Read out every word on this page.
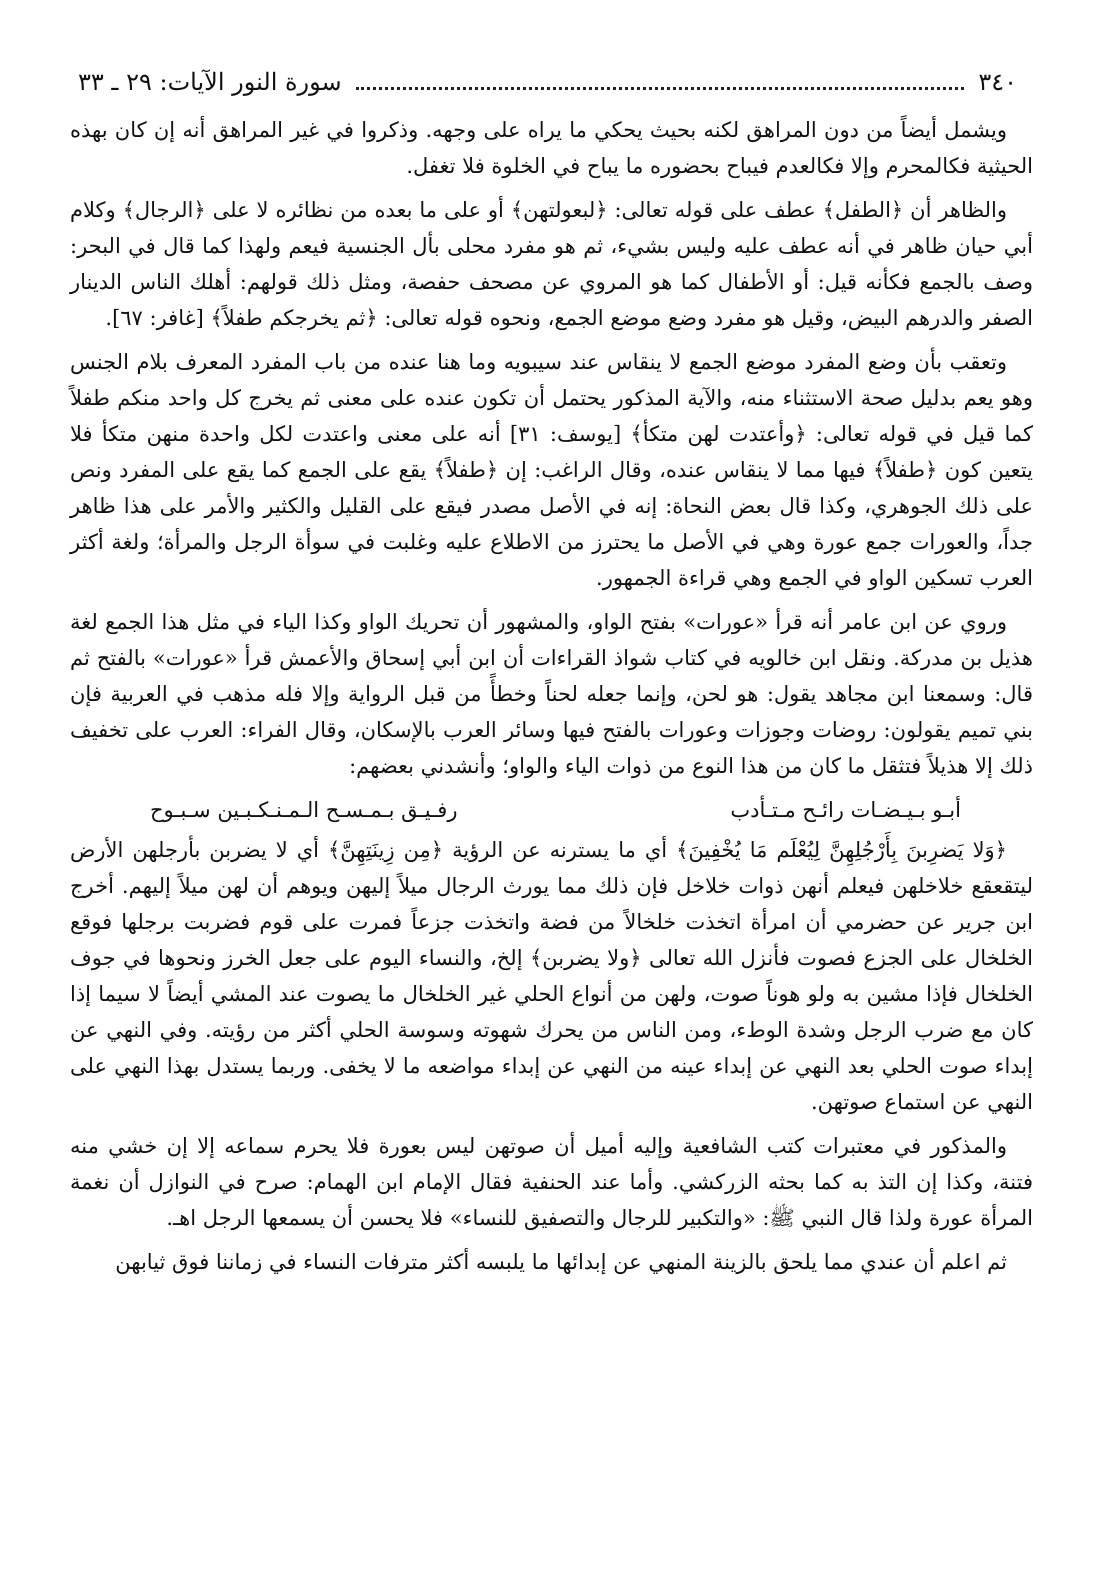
٣٤٠
سورة النور الآيات: ٢٩ ـ ٣٣

ويشمل أيضاً من دون المراهق لكنه بحيث يحكي ما يراه على وجهه. وذكروا في غير المراهق أنه إن كان بهذه الحيثية فكالمحرم وإلا فكالعدم فيباح بحضوره ما يباح في الخلوة فلا تغفل.

والظاهر أن ﴿الطفل﴾ عطف على قوله تعالى: ﴿لبعولتهن﴾ أو على ما بعده من نظائره لا على ﴿الرجال﴾ وكلام أبي حيان ظاهر في أنه عطف عليه وليس بشيء، ثم هو مفرد محلى بأل الجنسية فيعم ولهذا كما قال في البحر: وصف بالجمع فكأنه قيل: أو الأطفال كما هو المروي عن مصحف حفصة، ومثل ذلك قولهم: أهلك الناس الدينار الصفر والدرهم البيض، وقيل هو مفرد وضع موضع الجمع، ونحوه قوله تعالى: ﴿ثم يخرجكم طفلاً﴾ [غافر: ٦٧].

وتعقب بأن وضع المفرد موضع الجمع لا ينقاس عند سيبويه وما هنا عنده من باب المفرد المعرف بلام الجنس وهو يعم بدليل صحة الاستثناء منه، والآية المذكور يحتمل أن تكون عنده على معنى ثم يخرج كل واحد منكم طفلاً كما قيل في قوله تعالى: ﴿وأعتدت لهن متكأ﴾ [يوسف: ٣١] أنه على معنى واعتدت لكل واحدة منهن متكأ فلا يتعين كون ﴿طفلاً﴾ فيها مما لا ينقاس عنده، وقال الراغب: إن ﴿طفلاً﴾ يقع على الجمع كما يقع على المفرد ونص على ذلك الجوهري، وكذا قال بعض النحاة: إنه في الأصل مصدر فيقع على القليل والكثير والأمر على هذا ظاهر جداً، والعورات جمع عورة وهي في الأصل ما يحترز من الاطلاع عليه وغلبت في سوأة الرجل والمرأة؛ ولغة أكثر العرب تسكين الواو في الجمع وهي قراءة الجمهور.

وروي عن ابن عامر أنه قرأ «عورات» بفتح الواو، والمشهور أن تحريك الواو وكذا الياء في مثل هذا الجمع لغة هذيل بن مدركة. ونقل ابن خالويه في كتاب شواذ القراءات أن ابن أبي إسحاق والأعمش قرأ «عورات» بالفتح ثم قال: وسمعنا ابن مجاهد يقول: هو لحن، وإنما جعله لحناً وخطأً من قبل الرواية وإلا فله مذهب في العربية فإن بني تميم يقولون: روضات وجوزات وعورات بالفتح فيها وسائر العرب بالإسكان، وقال الفراء: العرب على تخفيف ذلك إلا هذيلاً فتثقل ما كان من هذا النوع من ذوات الياء والواو؛ وأنشدني بعضهم:

أبـو بـيـضـات رائـح مـتـأدب
رفـيـق بـمـسـح الـمـنـكـبـين سـبـوح

﴿وَلا يَضرِبنَ بِأَرْجُلِهِنَّ لِيُعْلَم مَا يُخْفِينَ﴾ أي ما يسترنه عن الرؤية ﴿مِن زِينَتِهِنَّ﴾ أي لا يضربن بأرجلهن الأرض ليتقعقع خلاخلهن فيعلم أنهن ذوات خلاخل فإن ذلك مما يورث الرجال ميلاً إليهن ويوهم أن لهن ميلاً إليهم. أخرج ابن جرير عن حضرمي أن امرأة اتخذت خلخالاً من فضة واتخذت جزعاً فمرت على قوم فضربت برجلها فوقع الخلخال على الجزع فصوت فأنزل الله تعالى ﴿ولا يضربن﴾ إلخ، والنساء اليوم على جعل الخرز ونحوها في جوف الخلخال فإذا مشين به ولو هوناً صوت، ولهن من أنواع الحلي غير الخلخال ما يصوت عند المشي أيضاً لا سيما إذا كان مع ضرب الرجل وشدة الوطء، ومن الناس من يحرك شهوته وسوسة الحلي أكثر من رؤيته. وفي النهي عن إبداء صوت الحلي بعد النهي عن إبداء عينه من النهي عن إبداء مواضعه ما لا يخفى. وربما يستدل بهذا النهي على النهي عن استماع صوتهن.

والمذكور في معتبرات كتب الشافعية وإليه أميل أن صوتهن ليس بعورة فلا يحرم سماعه إلا إن خشي منه فتنة، وكذا إن التذ به كما بحثه الزركشي. وأما عند الحنفية فقال الإمام ابن الهمام: صرح في النوازل أن نغمة المرأة عورة ولذا قال النبي ﷺ: «والتكبير للرجال والتصفيق للنساء» فلا يحسن أن يسمعها الرجل اهـ.

ثم اعلم أن عندي مما يلحق بالزينة المنهي عن إبدائها ما يلبسه أكثر مترفات النساء في زماننا فوق ثيابهن
